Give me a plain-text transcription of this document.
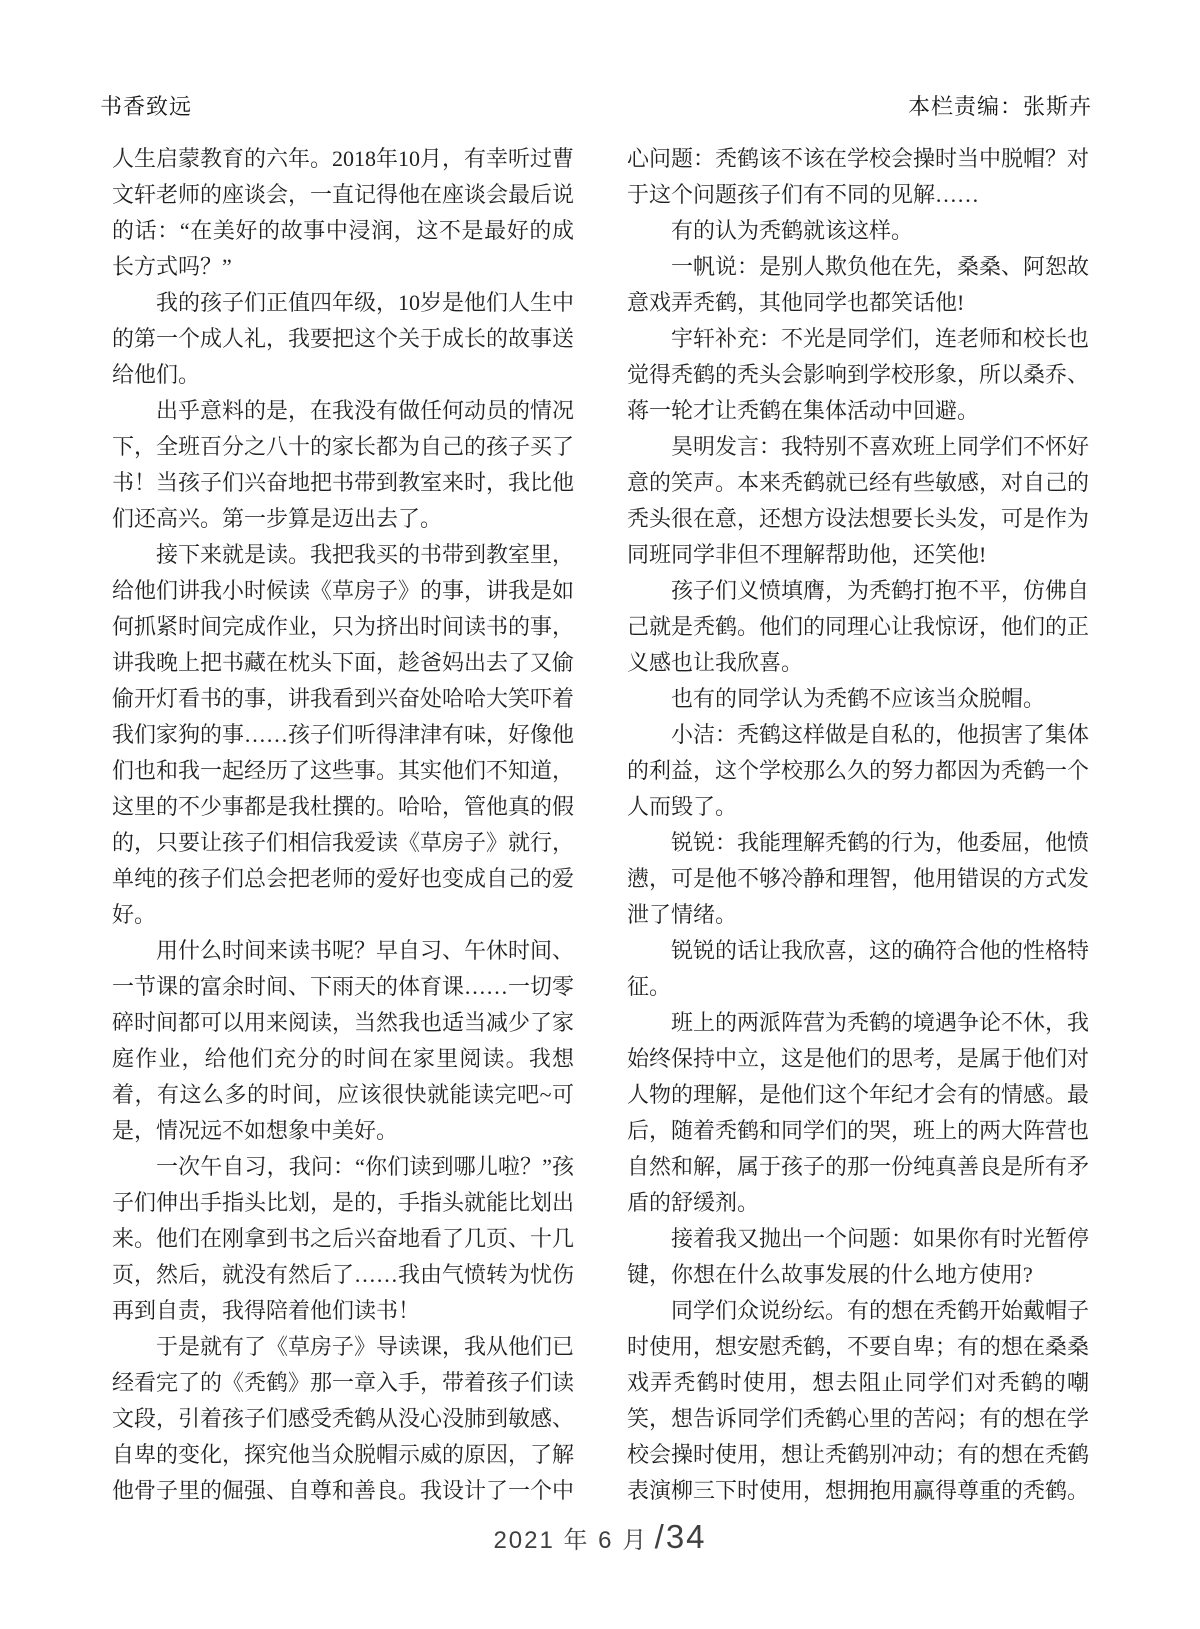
书香致远	本栏责编：张斯卉

人生启蒙教育的六年。2018年10月，有幸听过曹文轩老师的座谈会，一直记得他在座谈会最后说的话：“在美好的故事中浸润，这不是最好的成长方式吗？”

我的孩子们正值四年级，10岁是他们人生中的第一个成人礼，我要把这个关于成长的故事送给他们。

出乎意料的是，在我没有做任何动员的情况下，全班百分之八十的家长都为自己的孩子买了书！当孩子们兴奋地把书带到教室来时，我比他们还高兴。第一步算是迈出去了。

接下来就是读。我把我买的书带到教室里，给他们讲我小时候读《草房子》的事，讲我是如何抓紧时间完成作业，只为挤出时间读书的事，讲我晚上把书藏在枕头下面，趁爸妈出去了又偷偷开灯看书的事，讲我看到兴奋处哈哈大笑吓着我们家狗的事……孩子们听得津津有味，好像他们也和我一起经历了这些事。其实他们不知道，这里的不少事都是我杜撰的。哈哈，管他真的假的，只要让孩子们相信我爱读《草房子》就行，单纯的孩子们总会把老师的爱好也变成自己的爱好。

用什么时间来读书呢？早自习、午休时间、一节课的富余时间、下雨天的体育课……一切零碎时间都可以用来阅读，当然我也适当减少了家庭作业，给他们充分的时间在家里阅读。我想着，有这么多的时间，应该很快就能读完吧~可是，情况远不如想象中美好。

一次午自习，我问：“你们读到哪儿啦？”孩子们伸出手指头比划，是的，手指头就能比划出来。他们在刚拿到书之后兴奋地看了几页、十几页，然后，就没有然后了……我由气愤转为忧伤再到自责，我得陪着他们读书！

于是就有了《草房子》导读课，我从他们已经看完了的《秃鹤》那一章入手，带着孩子们读文段，引着孩子们感受秃鹤从没心没肺到敏感、自卑的变化，探究他当众脱帽示威的原因，了解他骨子里的倔强、自尊和善良。我设计了一个中

心问题：秃鹤该不该在学校会操时当中脱帽？对于这个问题孩子们有不同的见解……

有的认为秃鹤就该这样。

一帆说：是别人欺负他在先，桑桑、阿恕故意戏弄秃鹤，其他同学也都笑话他!

宇轩补充：不光是同学们，连老师和校长也觉得秃鹤的秃头会影响到学校形象，所以桑乔、蒋一轮才让秃鹤在集体活动中回避。

昊明发言：我特别不喜欢班上同学们不怀好意的笑声。本来秃鹤就已经有些敏感，对自己的秃头很在意，还想方设法想要长头发，可是作为同班同学非但不理解帮助他，还笑他!

孩子们义愤填膺，为秃鹤打抱不平，仿佛自己就是秃鹤。他们的同理心让我惊讶，他们的正义感也让我欣喜。

也有的同学认为秃鹤不应该当众脱帽。

小洁：秃鹤这样做是自私的，他损害了集体的利益，这个学校那么久的努力都因为秃鹤一个人而毁了。

锐锐：我能理解秃鹤的行为，他委屈，他愤懑，可是他不够冷静和理智，他用错误的方式发泄了情绪。

锐锐的话让我欣喜，这的确符合他的性格特征。

班上的两派阵营为秃鹤的境遇争论不休，我始终保持中立，这是他们的思考，是属于他们对人物的理解，是他们这个年纪才会有的情感。最后，随着秃鹤和同学们的哭，班上的两大阵营也自然和解，属于孩子的那一份纯真善良是所有矛盾的舒缓剂。

接着我又抛出一个问题：如果你有时光暂停键，你想在什么故事发展的什么地方使用?

同学们众说纷纭。有的想在秃鹤开始戴帽子时使用，想安慰秃鹤，不要自卑；有的想在桑桑戏弄秃鹤时使用，想去阻止同学们对秃鹤的嘲笑，想告诉同学们秃鹤心里的苦闷；有的想在学校会操时使用，想让秃鹤别冲动；有的想在秃鹤表演柳三下时使用，想拥抱用赢得尊重的秃鹤。

2021 年 6 月 /34
